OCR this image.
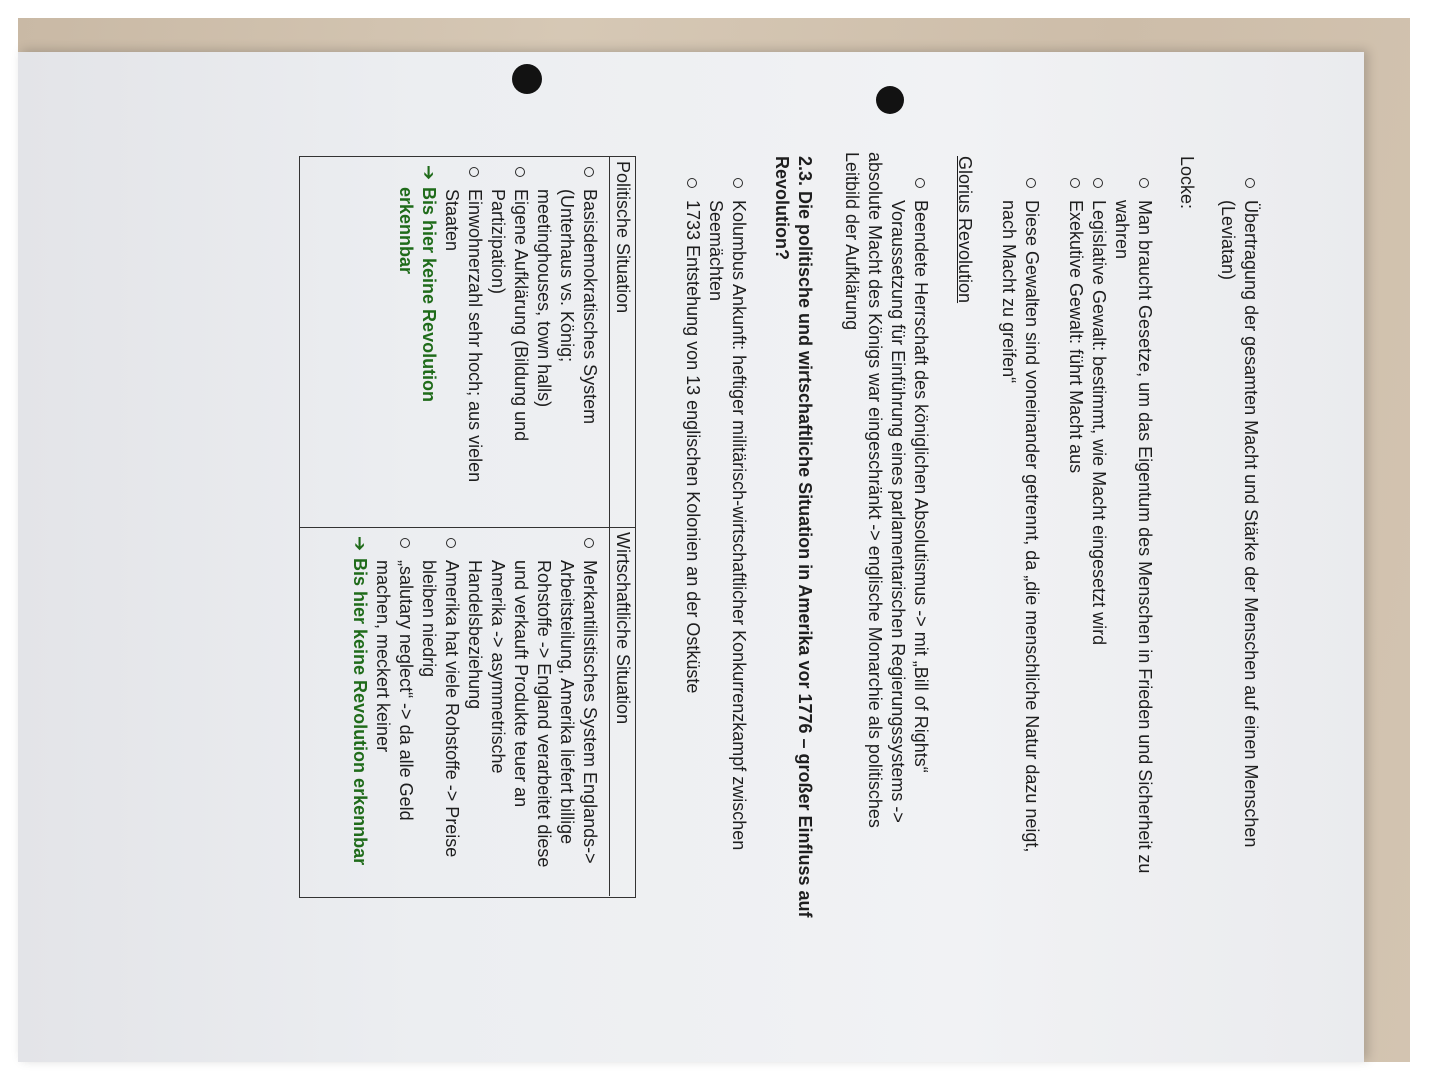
Übertragung der gesamten Macht und Stärke der Menschen auf einen Menschen
(Leviatan)
Locke:
Man braucht Gesetze, um das Eigentum des Menschen in Frieden und Sicherheit zu
wahren
Legislative Gewalt: bestimmt, wie Macht eingesetzt wird
Exekutive Gewalt: führt Macht aus
Diese Gewalten sind voneinander getrennt, da „die menschliche Natur dazu neigt,
nach Macht zu greifen“
Glorius Revolution
Beendete Herrschaft des königlichen Absolutismus -> mit „Bill of Rights“
Voraussetzung für Einführung eines parlamentarischen Regierungssystems ->
absolute Macht des Königs war eingeschränkt -> englische Monarchie als politisches
Leitbild der Aufklärung
2.3. Die politische und wirtschaftliche Situation in Amerika vor 1776 – großer Einfluss auf
Revolution?
Kolumbus Ankunft: heftiger militärisch-wirtschaftlicher Konkurrenzkampf zwischen
Seemächten
1733 Entstehung von 13 englischen Kolonien an der Ostküste
Politische Situation
Basisdemokratisches System
(Unterhaus vs. König;
meetinghouses, town halls)
Eigene Aufklärung (Bildung und
Partizipation)
Einwohnerzahl sehr hoch; aus vielen
Staaten
➔
Bis hier keine Revolution
erkennbar
Wirtschaftliche Situation
Merkantilistisches System Englands->
Arbeitsteilung, Amerika liefert billige
Rohstoffe -> England verarbeitet diese
und verkauft Produkte teuer an
Amerika -> asymmetrische
Handelsbeziehung
Amerika hat viele Rohstoffe -> Preise
bleiben niedrig
„salutary neglect“ -> da alle Geld
machen, meckert keiner
➔
Bis hier keine Revolution erkennbar
